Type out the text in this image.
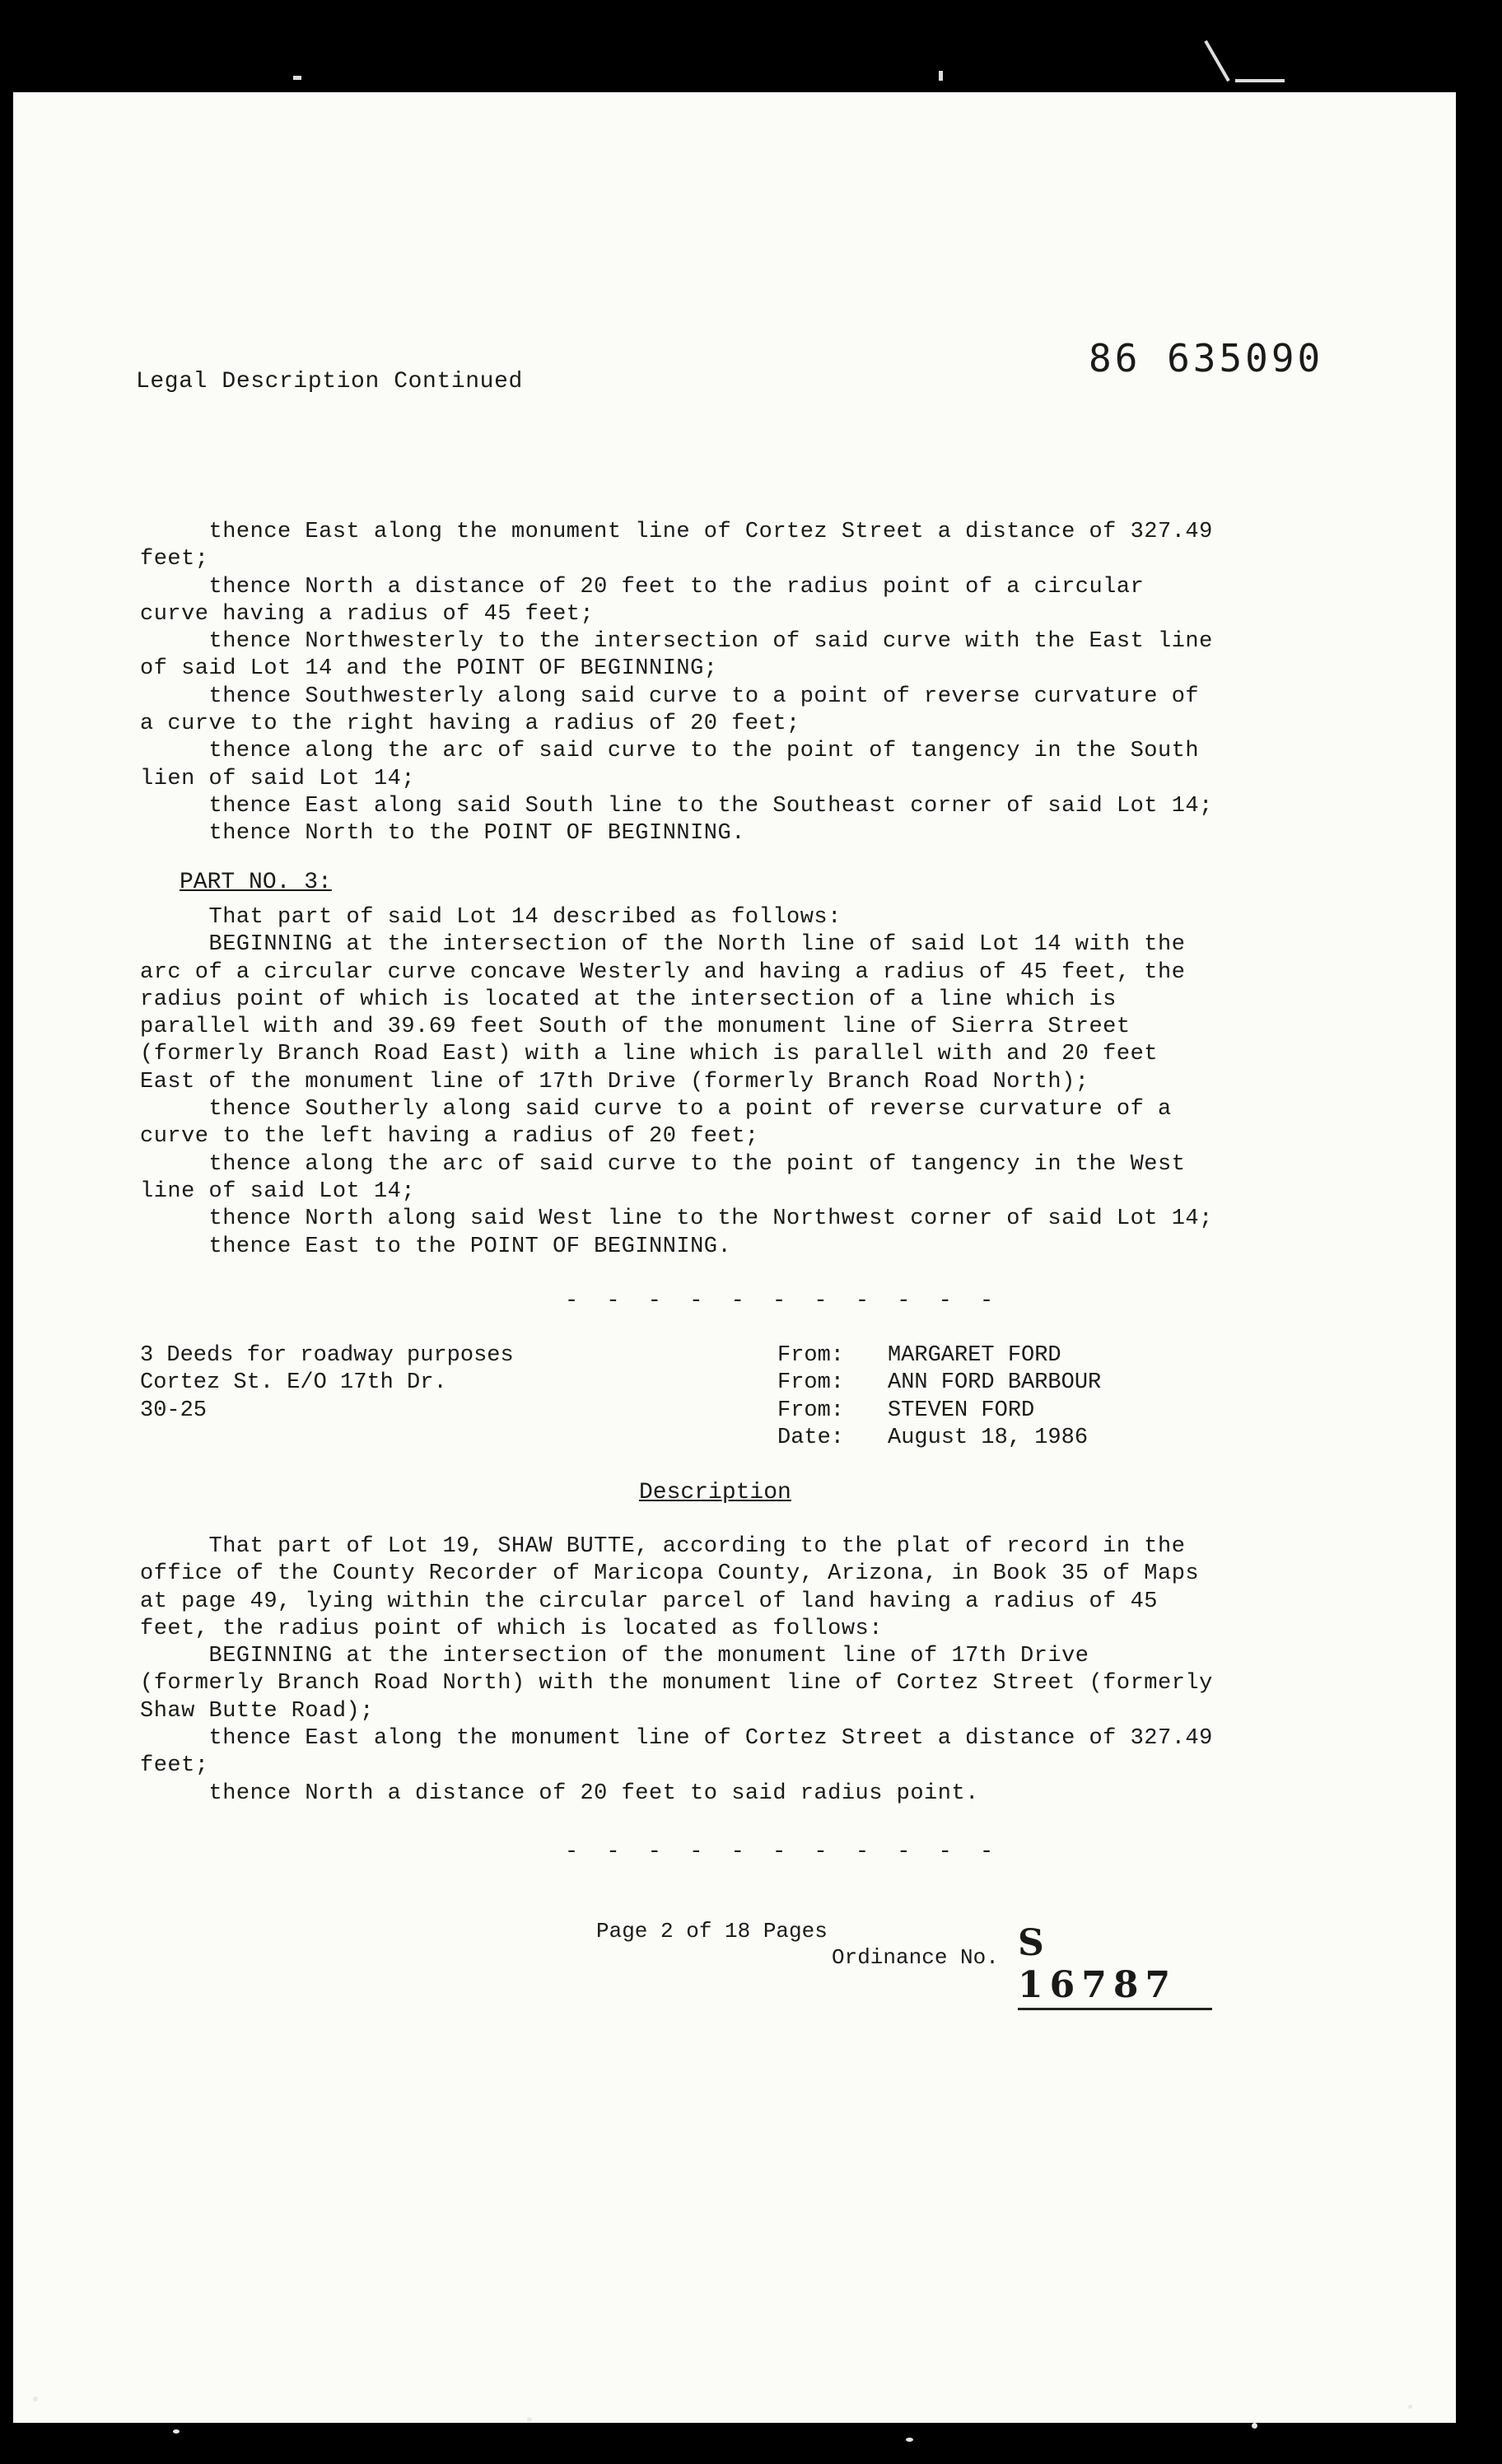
Legal Description Continued
86 635090

thence East along the monument line of Cortez Street a distance of 327.49

feet;

thence North a distance of 20 feet to the radius point of a circular

curve having a radius of 45 feet;

thence Northwesterly to the intersection of said curve with the East line

of said Lot 14 and the POINT OF BEGINNING;

thence Southwesterly along said curve to a point of reverse curvature of

a curve to the right having a radius of 20 feet;

thence along the arc of said curve to the point of tangency in the South

lien of said Lot 14;

thence East along said South line to the Southeast corner of said Lot 14;

thence North to the POINT OF BEGINNING.

PART NO. 3:

That part of said Lot 14 described as follows:

BEGINNING at the intersection of the North line of said Lot 14 with the

arc of a circular curve concave Westerly and having a radius of 45 feet, the

radius point of which is located at the intersection of a line which is

parallel with and 39.69 feet South of the monument line of Sierra Street

(formerly Branch Road East) with a line which is parallel with and 20 feet

East of the monument line of 17th Drive (formerly Branch Road North);

thence Southerly along said curve to a point of reverse curvature of a

curve to the left having a radius of 20 feet;

thence along the arc of said curve to the point of tangency in the West

line of said Lot 14;

thence North along said West line to the Northwest corner of said Lot 14;

thence East to the POINT OF BEGINNING.

- - - - - - - - - - -
3 Deeds for roadway purposes
Cortez St. E/O 17th Dr.
30-25
From: MARGARET FORD
From: ANN FORD BARBOUR
From: STEVEN FORD
Date: August 18, 1986
Description

That part of Lot 19, SHAW BUTTE, according to the plat of record in the

office of the County Recorder of Maricopa County, Arizona, in Book 35 of Maps

at page 49, lying within the circular parcel of land having a radius of 45

feet, the radius point of which is located as follows:

BEGINNING at the intersection of the monument line of 17th Drive

(formerly Branch Road North) with the monument line of Cortez Street (formerly

Shaw Butte Road);

thence East along the monument line of Cortez Street a distance of 327.49

feet;

thence North a distance of 20 feet to said radius point.

- - - - - - - - - - -
Page 2 of 18 Pages
Ordinance No. S 16787
